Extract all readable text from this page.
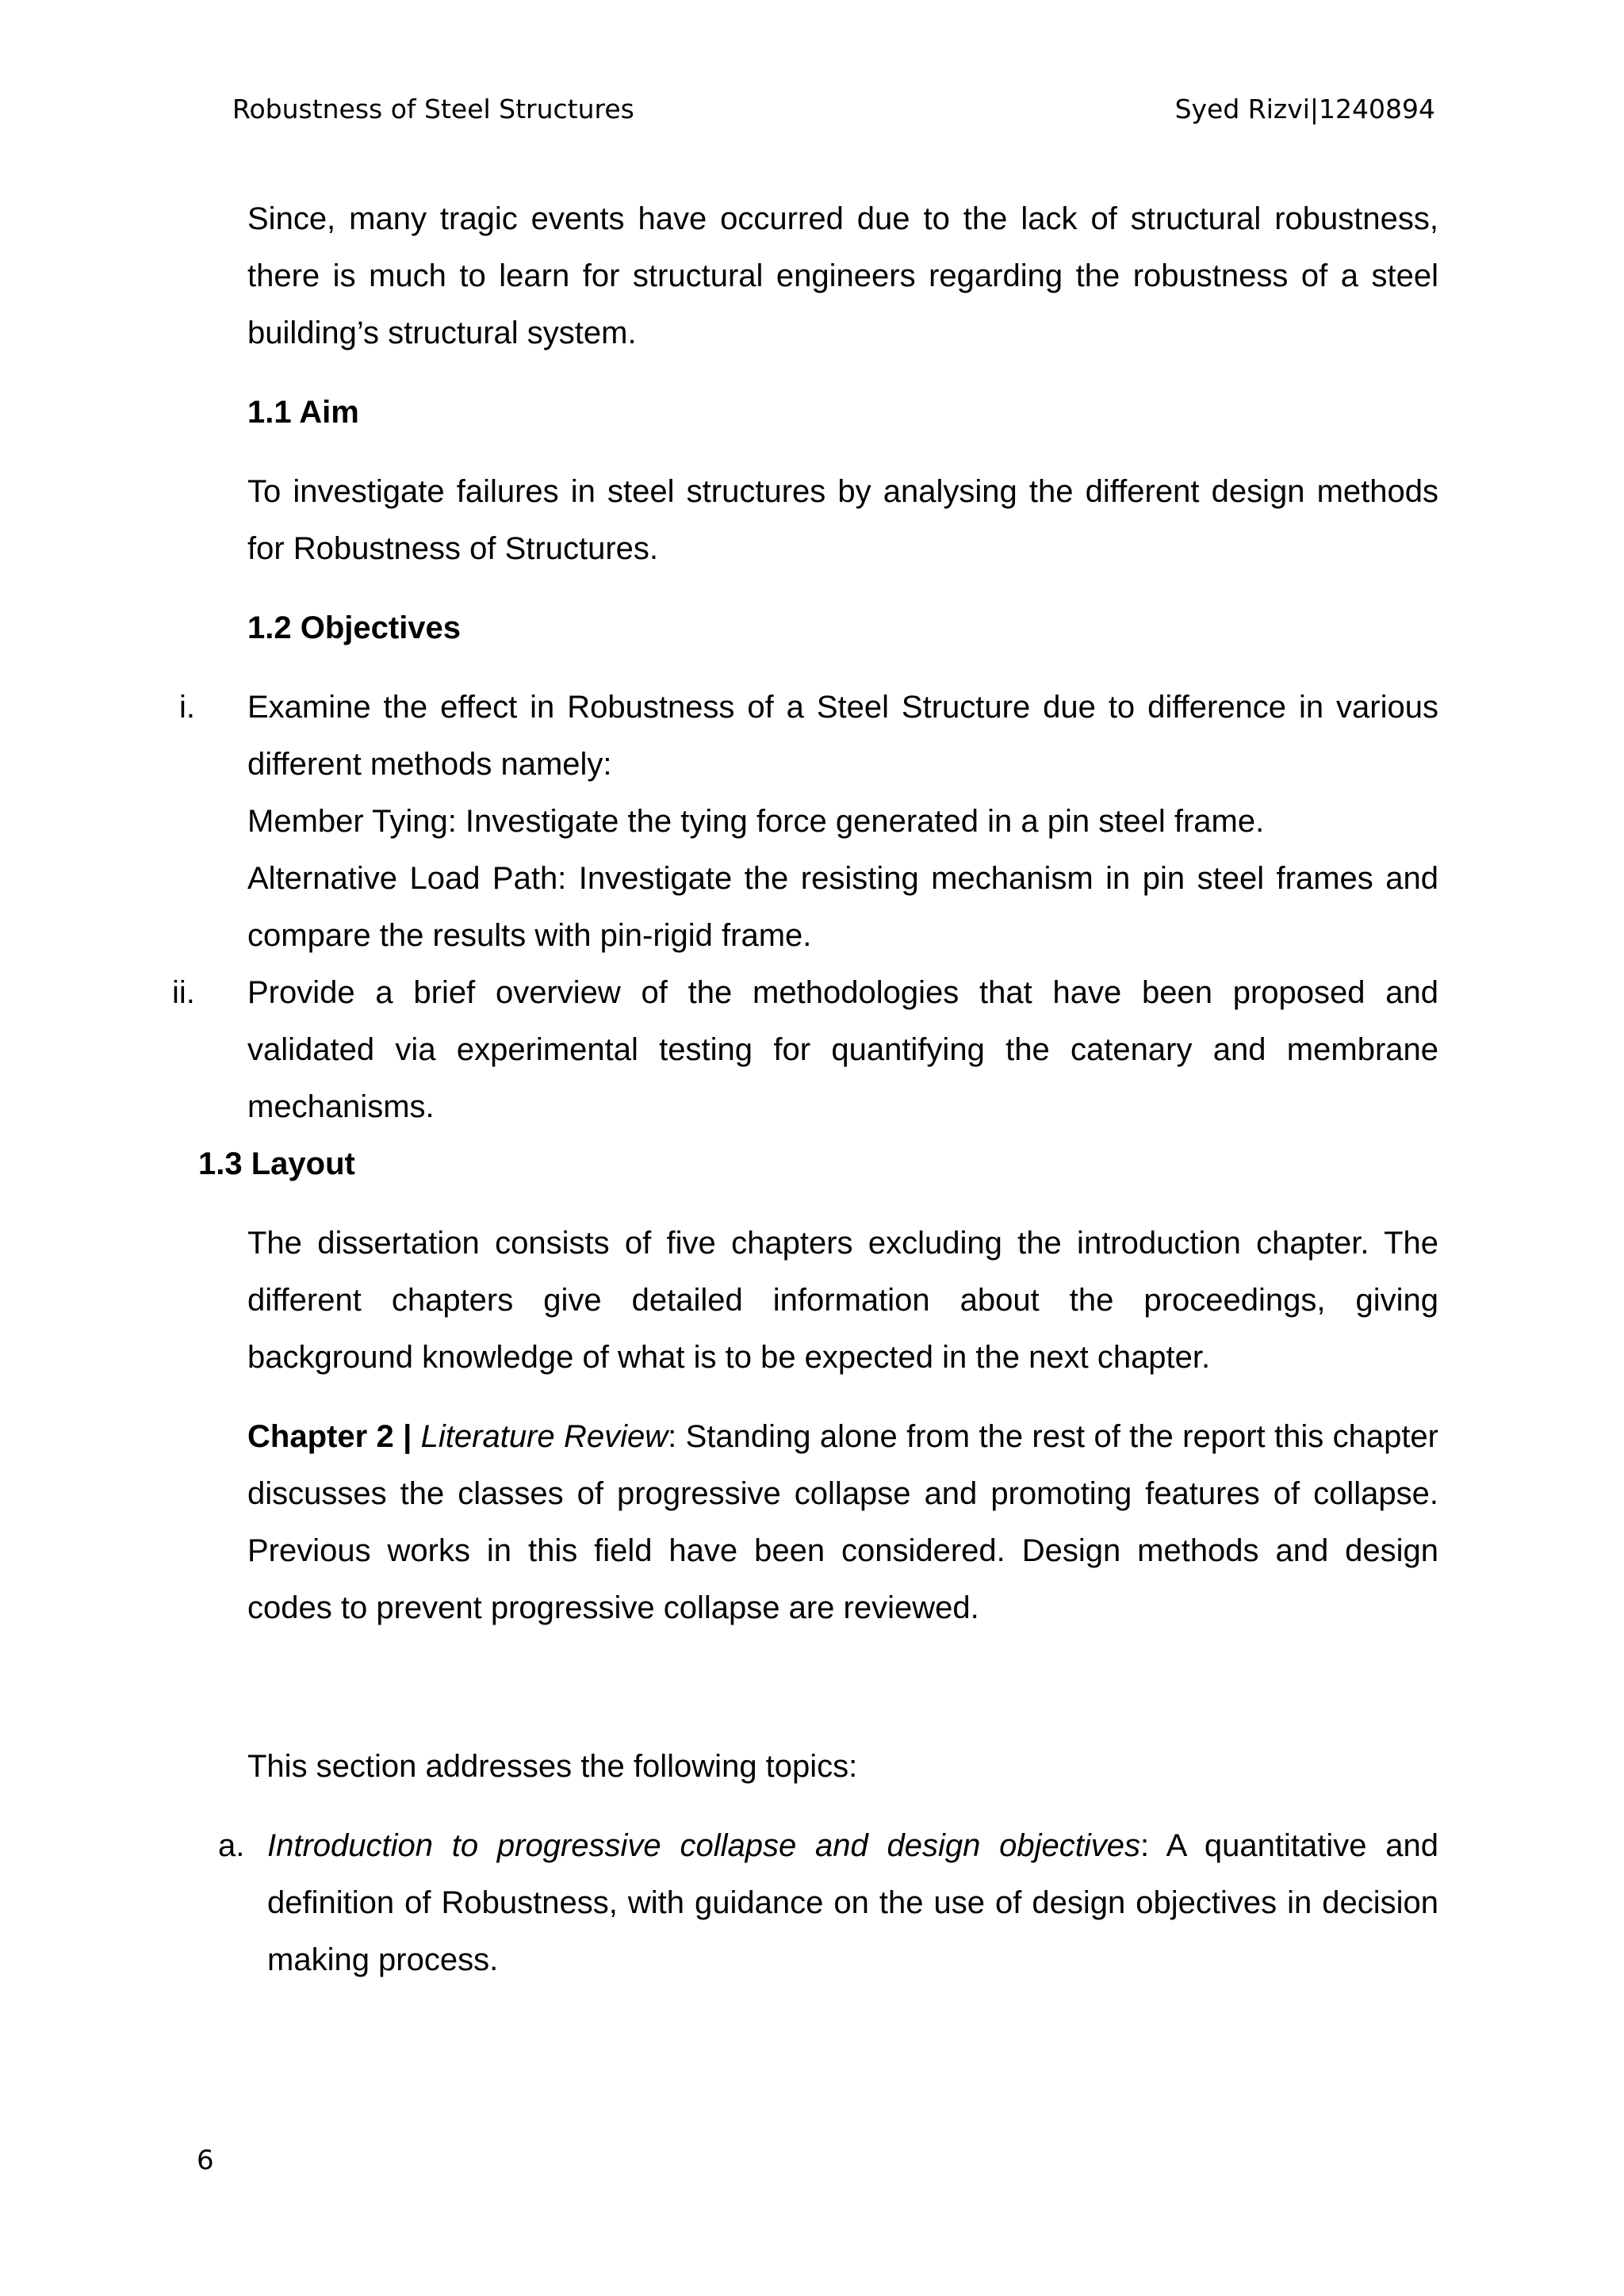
Robustness of Steel Structures	Syed Rizvi|1240894

Since, many tragic events have occurred due to the lack of structural robustness, there is much to learn for structural engineers regarding the robustness of a steel building’s structural system.

1.1 Aim

To investigate failures in steel structures by analysing the different design methods for Robustness of Structures.

1.2 Objectives

i. Examine the effect in Robustness of a Steel Structure due to difference in various different methods namely:

Member Tying: Investigate the tying force generated in a pin steel frame.

Alternative Load Path: Investigate the resisting mechanism in pin steel frames and compare the results with pin-rigid frame.

ii. Provide a brief overview of the methodologies that have been proposed and validated via experimental testing for quantifying the catenary and membrane mechanisms.

1.3 Layout

The dissertation consists of five chapters excluding the introduction chapter. The different chapters give detailed information about the proceedings, giving background knowledge of what is to be expected in the next chapter.

Chapter 2 | Literature Review: Standing alone from the rest of the report this chapter discusses the classes of progressive collapse and promoting features of collapse. Previous works in this field have been considered. Design methods and design codes to prevent progressive collapse are reviewed.

This section addresses the following topics:

a. Introduction to progressive collapse and design objectives: A quantitative and definition of Robustness, with guidance on the use of design objectives in decision making process.
6
